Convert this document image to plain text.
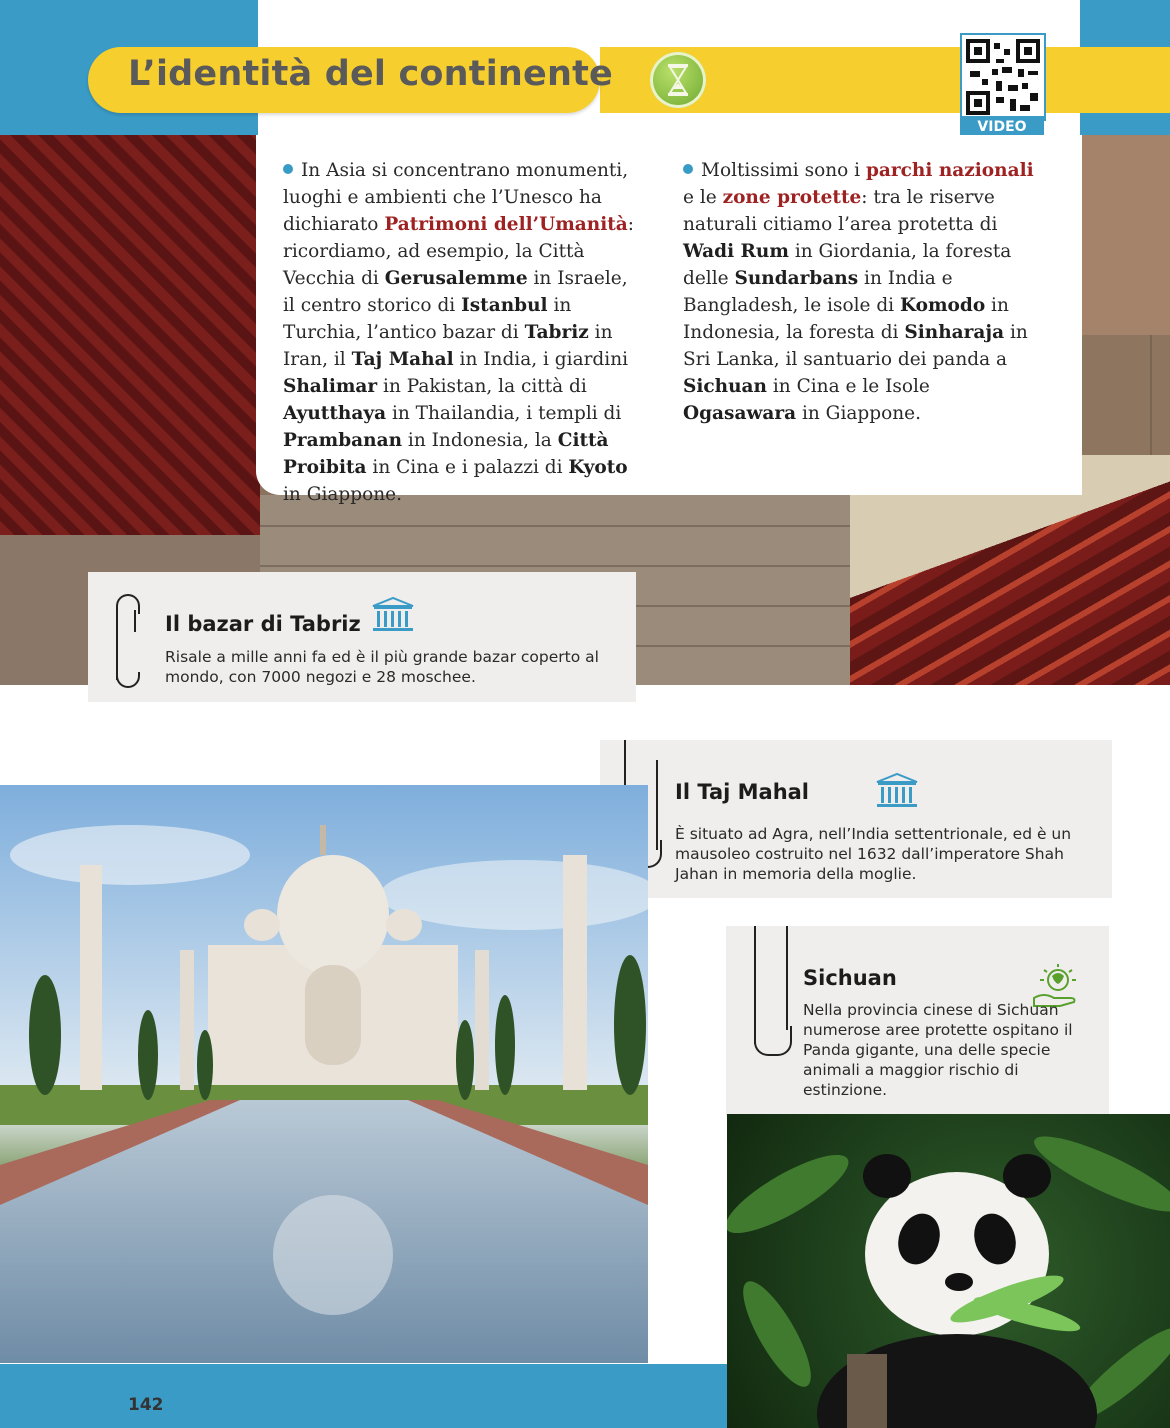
L’identità del continente
VIDEO
In Asia si concentrano monumenti, luoghi e ambienti che l’Unesco ha dichiarato Patrimoni dell’Umanità: ricordiamo, ad esempio, la Città Vecchia di Gerusalemme in Israele, il centro storico di Istanbul in Turchia, l’antico bazar di Tabriz in Iran, il Taj Mahal in India, i giardini Shalimar in Pakistan, la città di Ayutthaya in Thailandia, i templi di Prambanan in Indonesia, la Città Proibita in Cina e i palazzi di Kyoto in Giappone.
Moltissimi sono i parchi nazionali e le zone protette: tra le riserve naturali citiamo l’area protetta di Wadi Rum in Giordania, la foresta delle Sundarbans in India e Bangladesh, le isole di Komodo in Indonesia, la foresta di Sinharaja in Sri Lanka, il santuario dei panda a Sichuan in Cina e le Isole Ogasawara in Giappone.
Il bazar di Tabriz
Risale a mille anni fa ed è il più grande bazar coperto al mondo, con 7000 negozi e 28 moschee.
Il Taj Mahal
È situato ad Agra, nell’India settentrionale, ed è un mausoleo costruito nel 1632 dall’imperatore Shah Jahan in memoria della moglie.
Sichuan
Nella provincia cinese di Sichuan numerose aree protette ospitano il Panda gigante, una delle specie animali a maggior rischio di estinzione.
142
